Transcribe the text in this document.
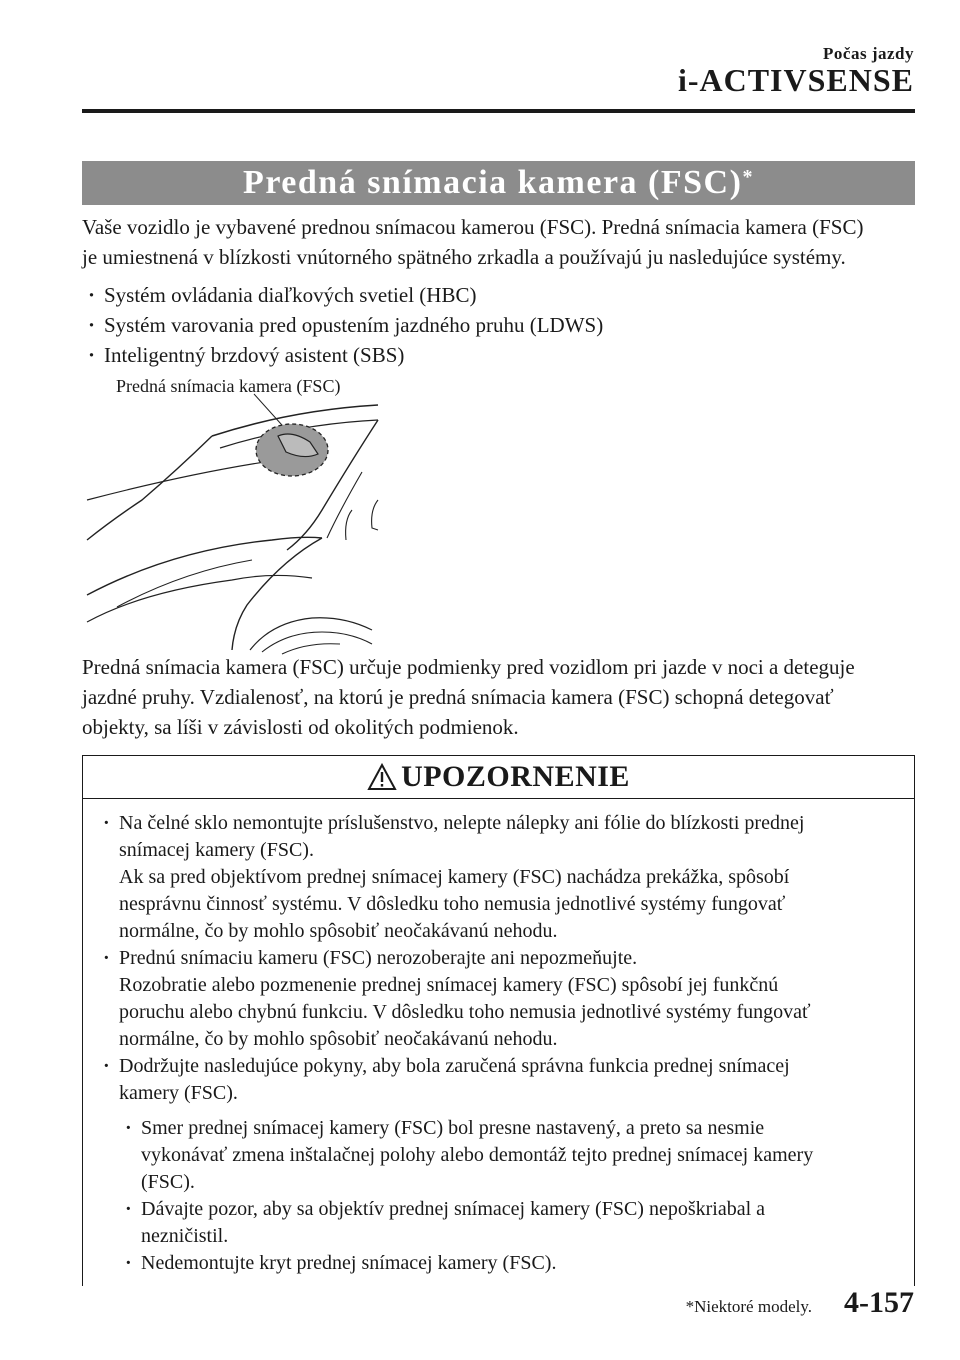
Počas jazdy
i-ACTIVSENSE
Predná snímacia kamera (FSC)*

Vaše vozidlo je vybavené prednou snímacou kamerou (FSC). Predná snímacia kamera (FSC)

je umiestnená v blízkosti vnútorného spätného zrkadla a používajú ju nasledujúce systémy.

· Systém ovládania diaľkových svetiel (HBC)
· Systém varovania pred opustením jazdného pruhu (LDWS)
· Inteligentný brzdový asistent (SBS)
Predná snímacia kamera (FSC)

Predná snímacia kamera (FSC) určuje podmienky pred vozidlom pri jazde v noci a deteguje

jazdné pruhy. Vzdialenosť, na ktorú je predná snímacia kamera (FSC) schopná detegovať

objekty, sa líši v závislosti od okolitých podmienok.

UPOZORNENIE

· Na čelné sklo nemontujte príslušenstvo, nelepte nálepky ani fólie do blízkosti prednej

snímacej kamery (FSC).

Ak sa pred objektívom prednej snímacej kamery (FSC) nachádza prekážka, spôsobí

nesprávnu činnosť systému. V dôsledku toho nemusia jednotlivé systémy fungovať

normálne, čo by mohlo spôsobiť neočakávanú nehodu.

· Prednú snímaciu kameru (FSC) nerozoberajte ani nepozmeňujte.

Rozobratie alebo pozmenenie prednej snímacej kamery (FSC) spôsobí jej funkčnú

poruchu alebo chybnú funkciu. V dôsledku toho nemusia jednotlivé systémy fungovať

normálne, čo by mohlo spôsobiť neočakávanú nehodu.

· Dodržujte nasledujúce pokyny, aby bola zaručená správna funkcia prednej snímacej

kamery (FSC).

· Smer prednej snímacej kamery (FSC) bol presne nastavený, a preto sa nesmie

vykonávať zmena inštalačnej polohy alebo demontáž tejto prednej snímacej kamery

(FSC).

· Dávajte pozor, aby sa objektív prednej snímacej kamery (FSC) nepoškriabal a

nezničistil.

· Nedemontujte kryt prednej snímacej kamery (FSC).

*Niektoré modely. 4-157
